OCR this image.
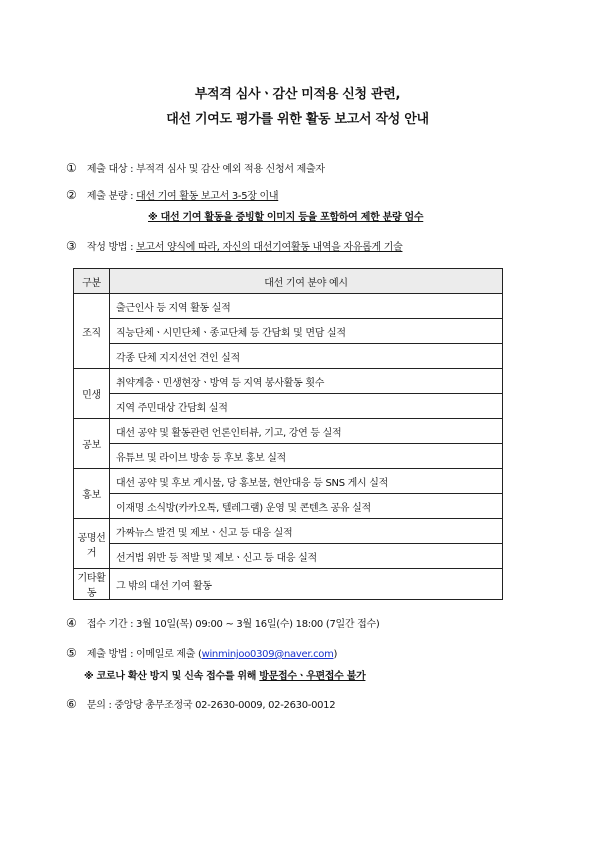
부적격 심사ㆍ감산 미적용 신청 관련,
대선 기여도 평가를 위한 활동 보고서 작성 안내
① 제출 대상 : 부적격 심사 및 감산 예외 적용 신청서 제출자
② 제출 분량 : 대선 기여 활동 보고서 3-5장 이내
※ 대선 기여 활동을 증빙할 이미지 등을 포함하여 제한 분량 엄수
③ 작성 방법 : 보고서 양식에 따라, 자신의 대선기여활동 내역을 자유롭게 기술
구분	대선 기여 분야 예시
조직	출근인사 등 지역 활동 실적
	직능단체ㆍ시민단체ㆍ종교단체 등 간담회 및 면담 실적
	각종 단체 지지선언 견인 실적
민생	취약계층ㆍ민생현장ㆍ방역 등 지역 봉사활동 횟수
	지역 주민대상 간담회 실적
공보	대선 공약 및 활동관련 언론인터뷰, 기고, 강연 등 실적
	유튜브 및 라이브 방송 등 후보 홍보 실적
홍보	대선 공약 및 후보 게시물, 당 홍보물, 현안대응 등 SNS 게시 실적
	이재명 소식방(카카오톡, 텔레그램) 운영 및 콘텐츠 공유 실적
공명선거	가짜뉴스 발견 및 제보ㆍ신고 등 대응 실적
	선거법 위반 등 적발 및 제보ㆍ신고 등 대응 실적
기타활동	그 밖의 대선 기여 활동
④ 접수 기간 : 3월 10일(목) 09:00 ~ 3월 16일(수) 18:00 (7일간 접수)
⑤ 제출 방법 : 이메일로 제출 (winminjoo0309@naver.com)
※ 코로나 확산 방지 및 신속 접수를 위해 방문접수ㆍ우편접수 불가
⑥ 문의 : 중앙당 총무조정국 02-2630-0009, 02-2630-0012
